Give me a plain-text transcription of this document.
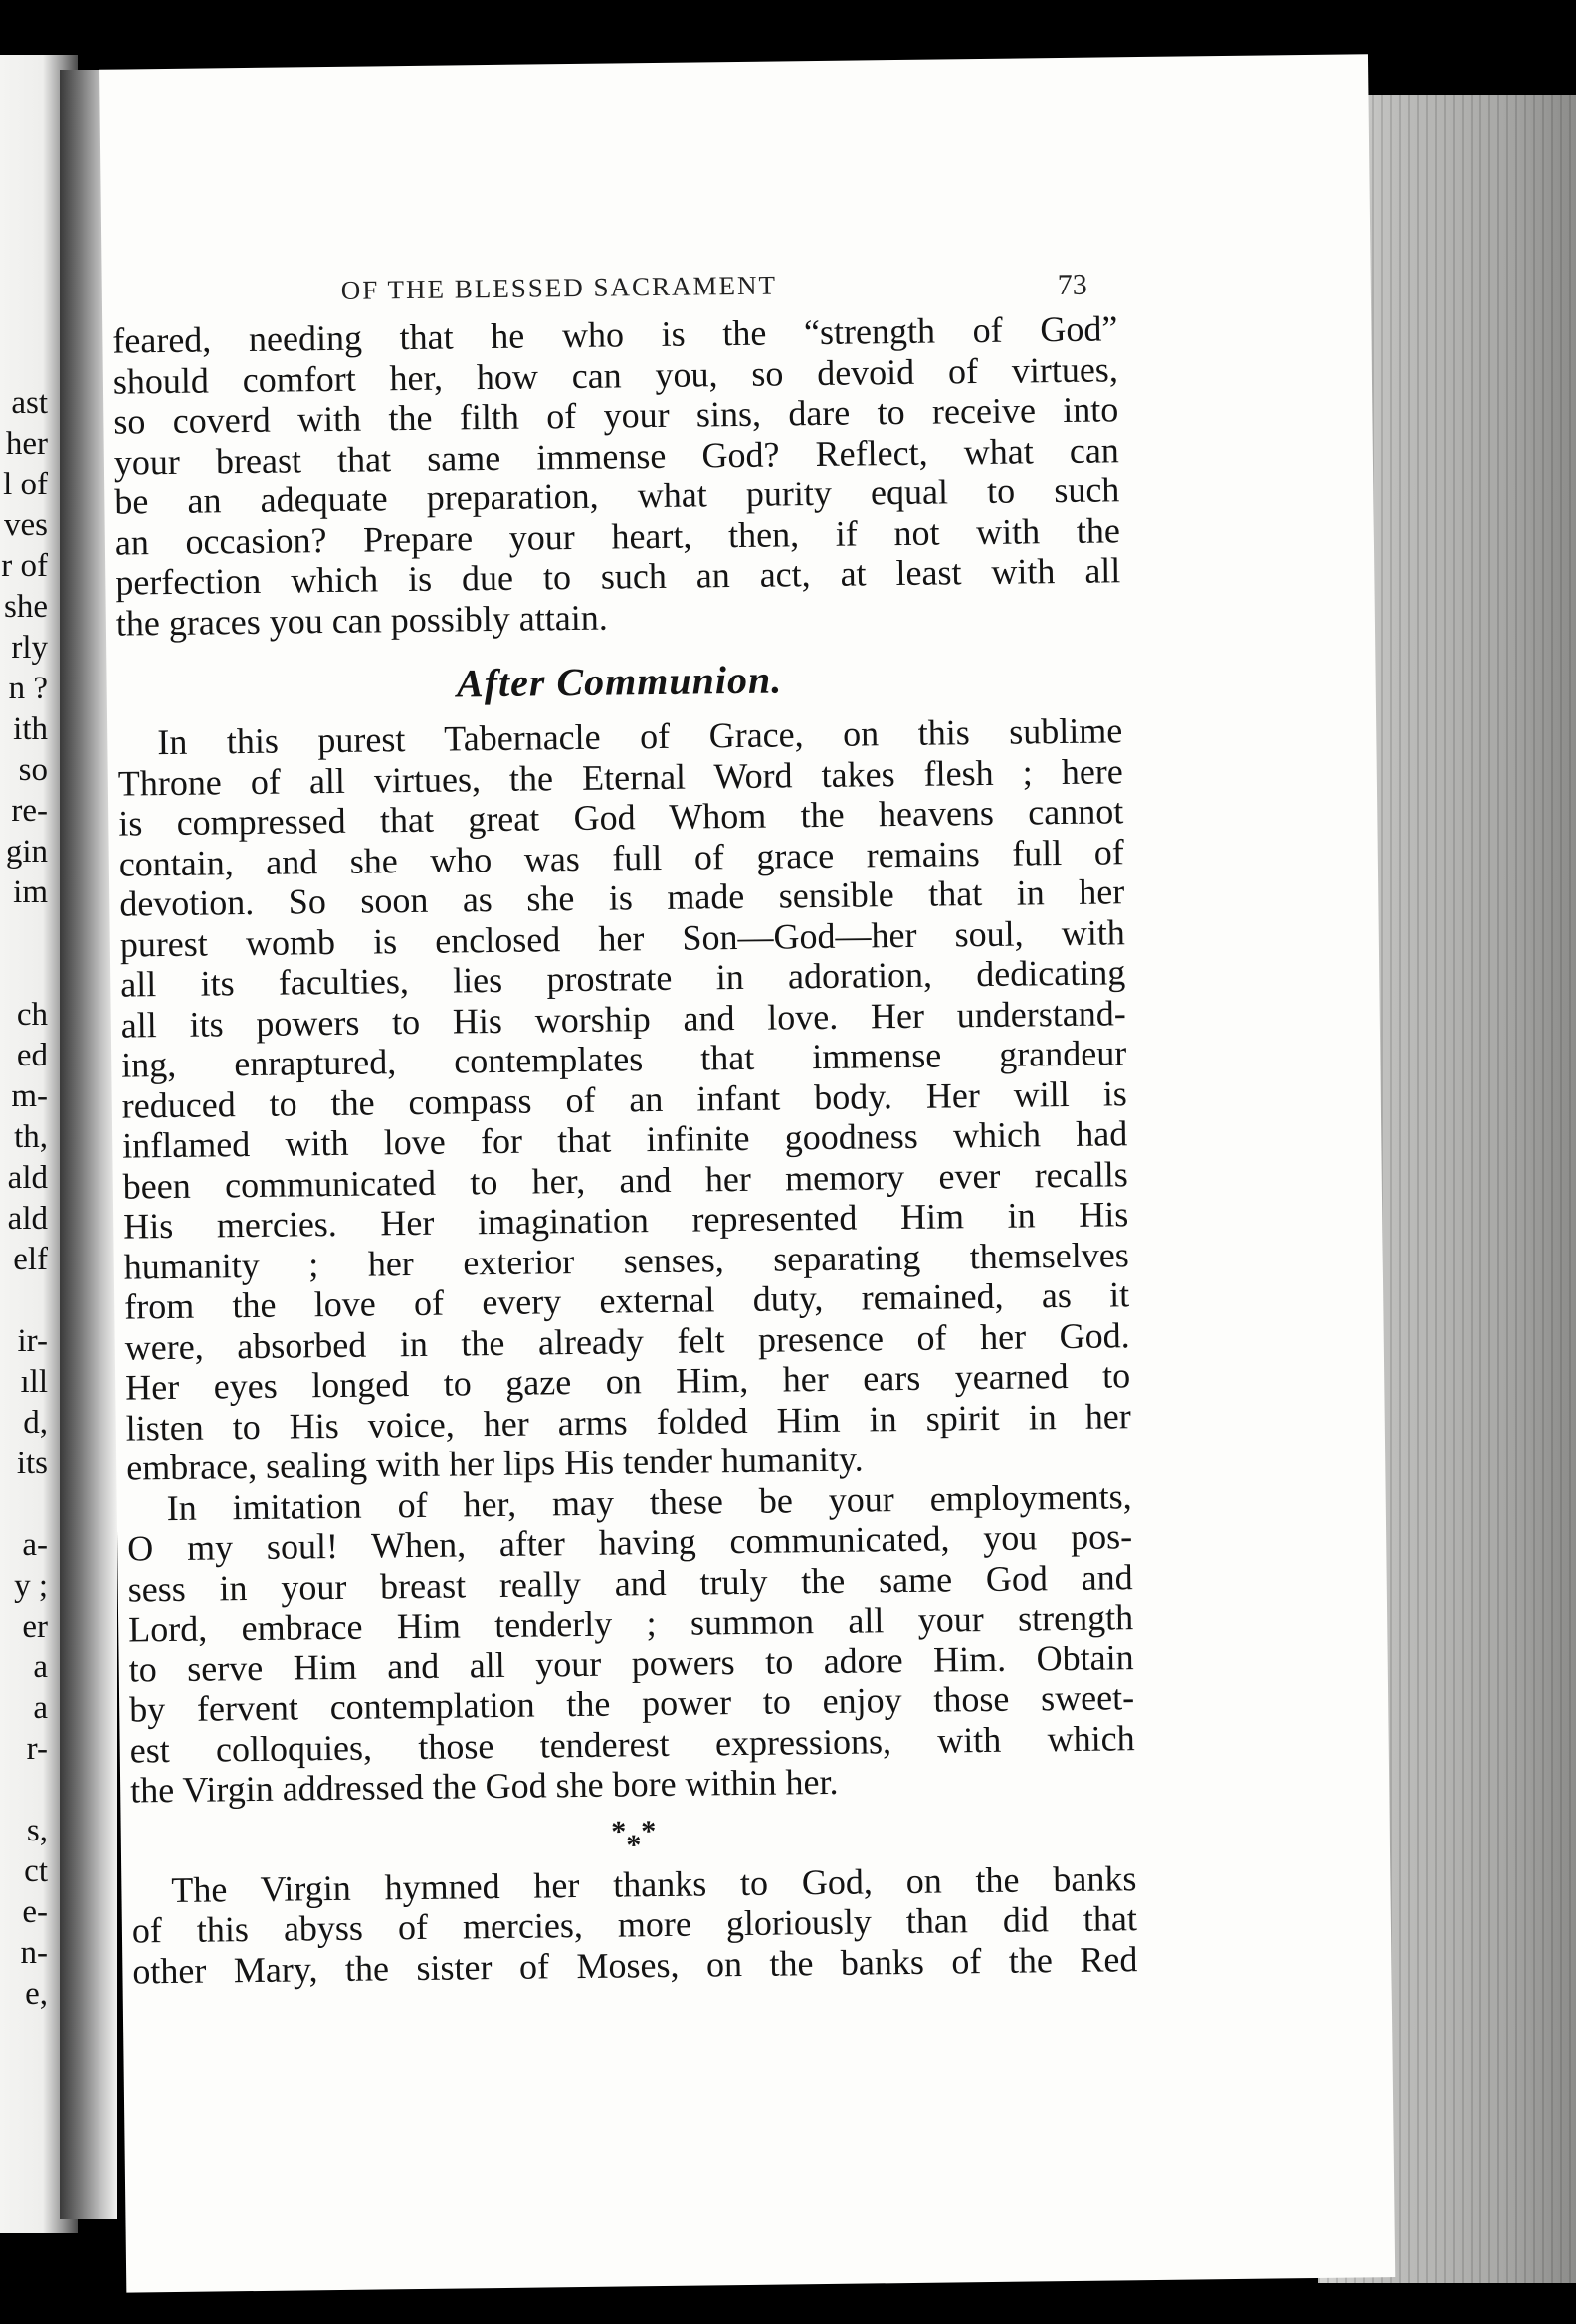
ast
her
l of
ves
r of
she
rly
n ?
ith
so
re-
gin
im
ch
ed
m-
th,
ald
ald
elf
ir-
ıll
d,
its
a-
y ;
er
a
a
r-
s,
ct
e-
n-
e,
OF THE BLESSED SACRAMENT	73
feared, needing that he who is the “strength of God”
should comfort her, how can you, so devoid of virtues,
so coverd with the filth of your sins, dare to receive into
your breast that same immense God? Reflect, what can
be an adequate preparation, what purity equal to such
an occasion? Prepare your heart, then, if not with the
perfection which is due to such an act, at least with all
the graces you can possibly attain.
After Communion.
In this purest Tabernacle of Grace, on this sublime
Throne of all virtues, the Eternal Word takes flesh ; here
is compressed that great God Whom the heavens cannot
contain, and she who was full of grace remains full of
devotion. So soon as she is made sensible that in her
purest womb is enclosed her Son—God—her soul, with
all its faculties, lies prostrate in adoration, dedicating
all its powers to His worship and love. Her understand-
ing, enraptured, contemplates that immense grandeur
reduced to the compass of an infant body. Her will is
inflamed with love for that infinite goodness which had
been communicated to her, and her memory ever recalls
His mercies. Her imagination represented Him in His
humanity ; her exterior senses, separating themselves
from the love of every external duty, remained, as it
were, absorbed in the already felt presence of her God.
Her eyes longed to gaze on Him, her ears yearned to
listen to His voice, her arms folded Him in spirit in her
embrace, sealing with her lips His tender humanity.
In imitation of her, may these be your employments,
O my soul! When, after having communicated, you pos-
sess in your breast really and truly the same God and
Lord, embrace Him tenderly ; summon all your strength
to serve Him and all your powers to adore Him. Obtain
by fervent contemplation the power to enjoy those sweet-
est colloquies, those tenderest expressions, with which
the Virgin addressed the God she bore within her.
***
The Virgin hymned her thanks to God, on the banks
of this abyss of mercies, more gloriously than did that
other Mary, the sister of Moses, on the banks of the Red
